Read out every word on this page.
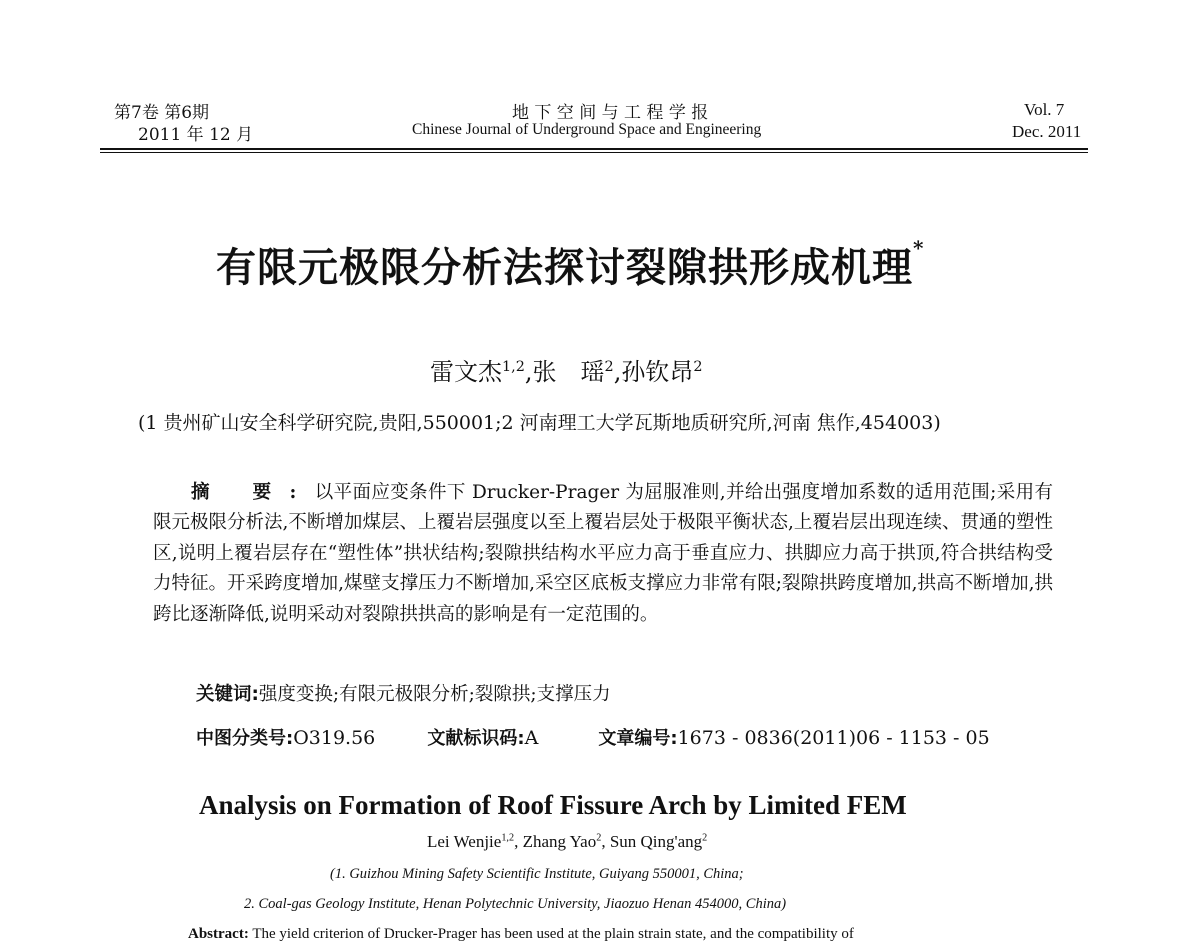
第7卷 第6期
2011 年 12 月
地 下 空 间 与 工 程 学 报
Chinese Journal of Underground Space and Engineering
Vol. 7
Dec. 2011
有限元极限分析法探讨裂隙拱形成机理*
雷文杰$^{1,2}$,张　瑶$^2$,孙钦昂$^2$
(1 贵州矿山安全科学研究院,贵阳,550001;2 河南理工大学瓦斯地质研究所,河南 焦作,454003)
摘 要:以平面应变条件下 Drucker-Prager 为屈服准则,并给出强度增加系数的适用范围;采用有限元极限分析法,不断增加煤层、上覆岩层强度以至上覆岩层处于极限平衡状态,上覆岩层出现连续、贯通的塑性区,说明上覆岩层存在“塑性体”拱状结构;裂隙拱结构水平应力高于垂直应力、拱脚应力高于拱顶,符合拱结构受力特征。开采跨度增加,煤壁支撑压力不断增加,采空区底板支撑应力非常有限;裂隙拱跨度增加,拱高不断增加,拱跨比逐渐降低,说明采动对裂隙拱拱高的影响是有一定范围的。
关键词:强度变换;有限元极限分析;裂隙拱;支撑压力
中图分类号:O319.56	文献标识码:A	文章编号:1673 - 0836(2011)06 - 1153 - 05
Analysis on Formation of Roof Fissure Arch by Limited FEM
Lei Wenjie$^{1,2}$, Zhang Yao$^2$, Sun Qing'ang$^2$
(1. Guizhou Mining Safety Scientific Institute, Guiyang 550001, China;
2. Coal-gas Geology Institute, Henan Polytechnic University, Jiaozuo Henan 454000, China)
Abstract: The yield criterion of Drucker-Prager has been used at the plain strain state, and the compatibility of
